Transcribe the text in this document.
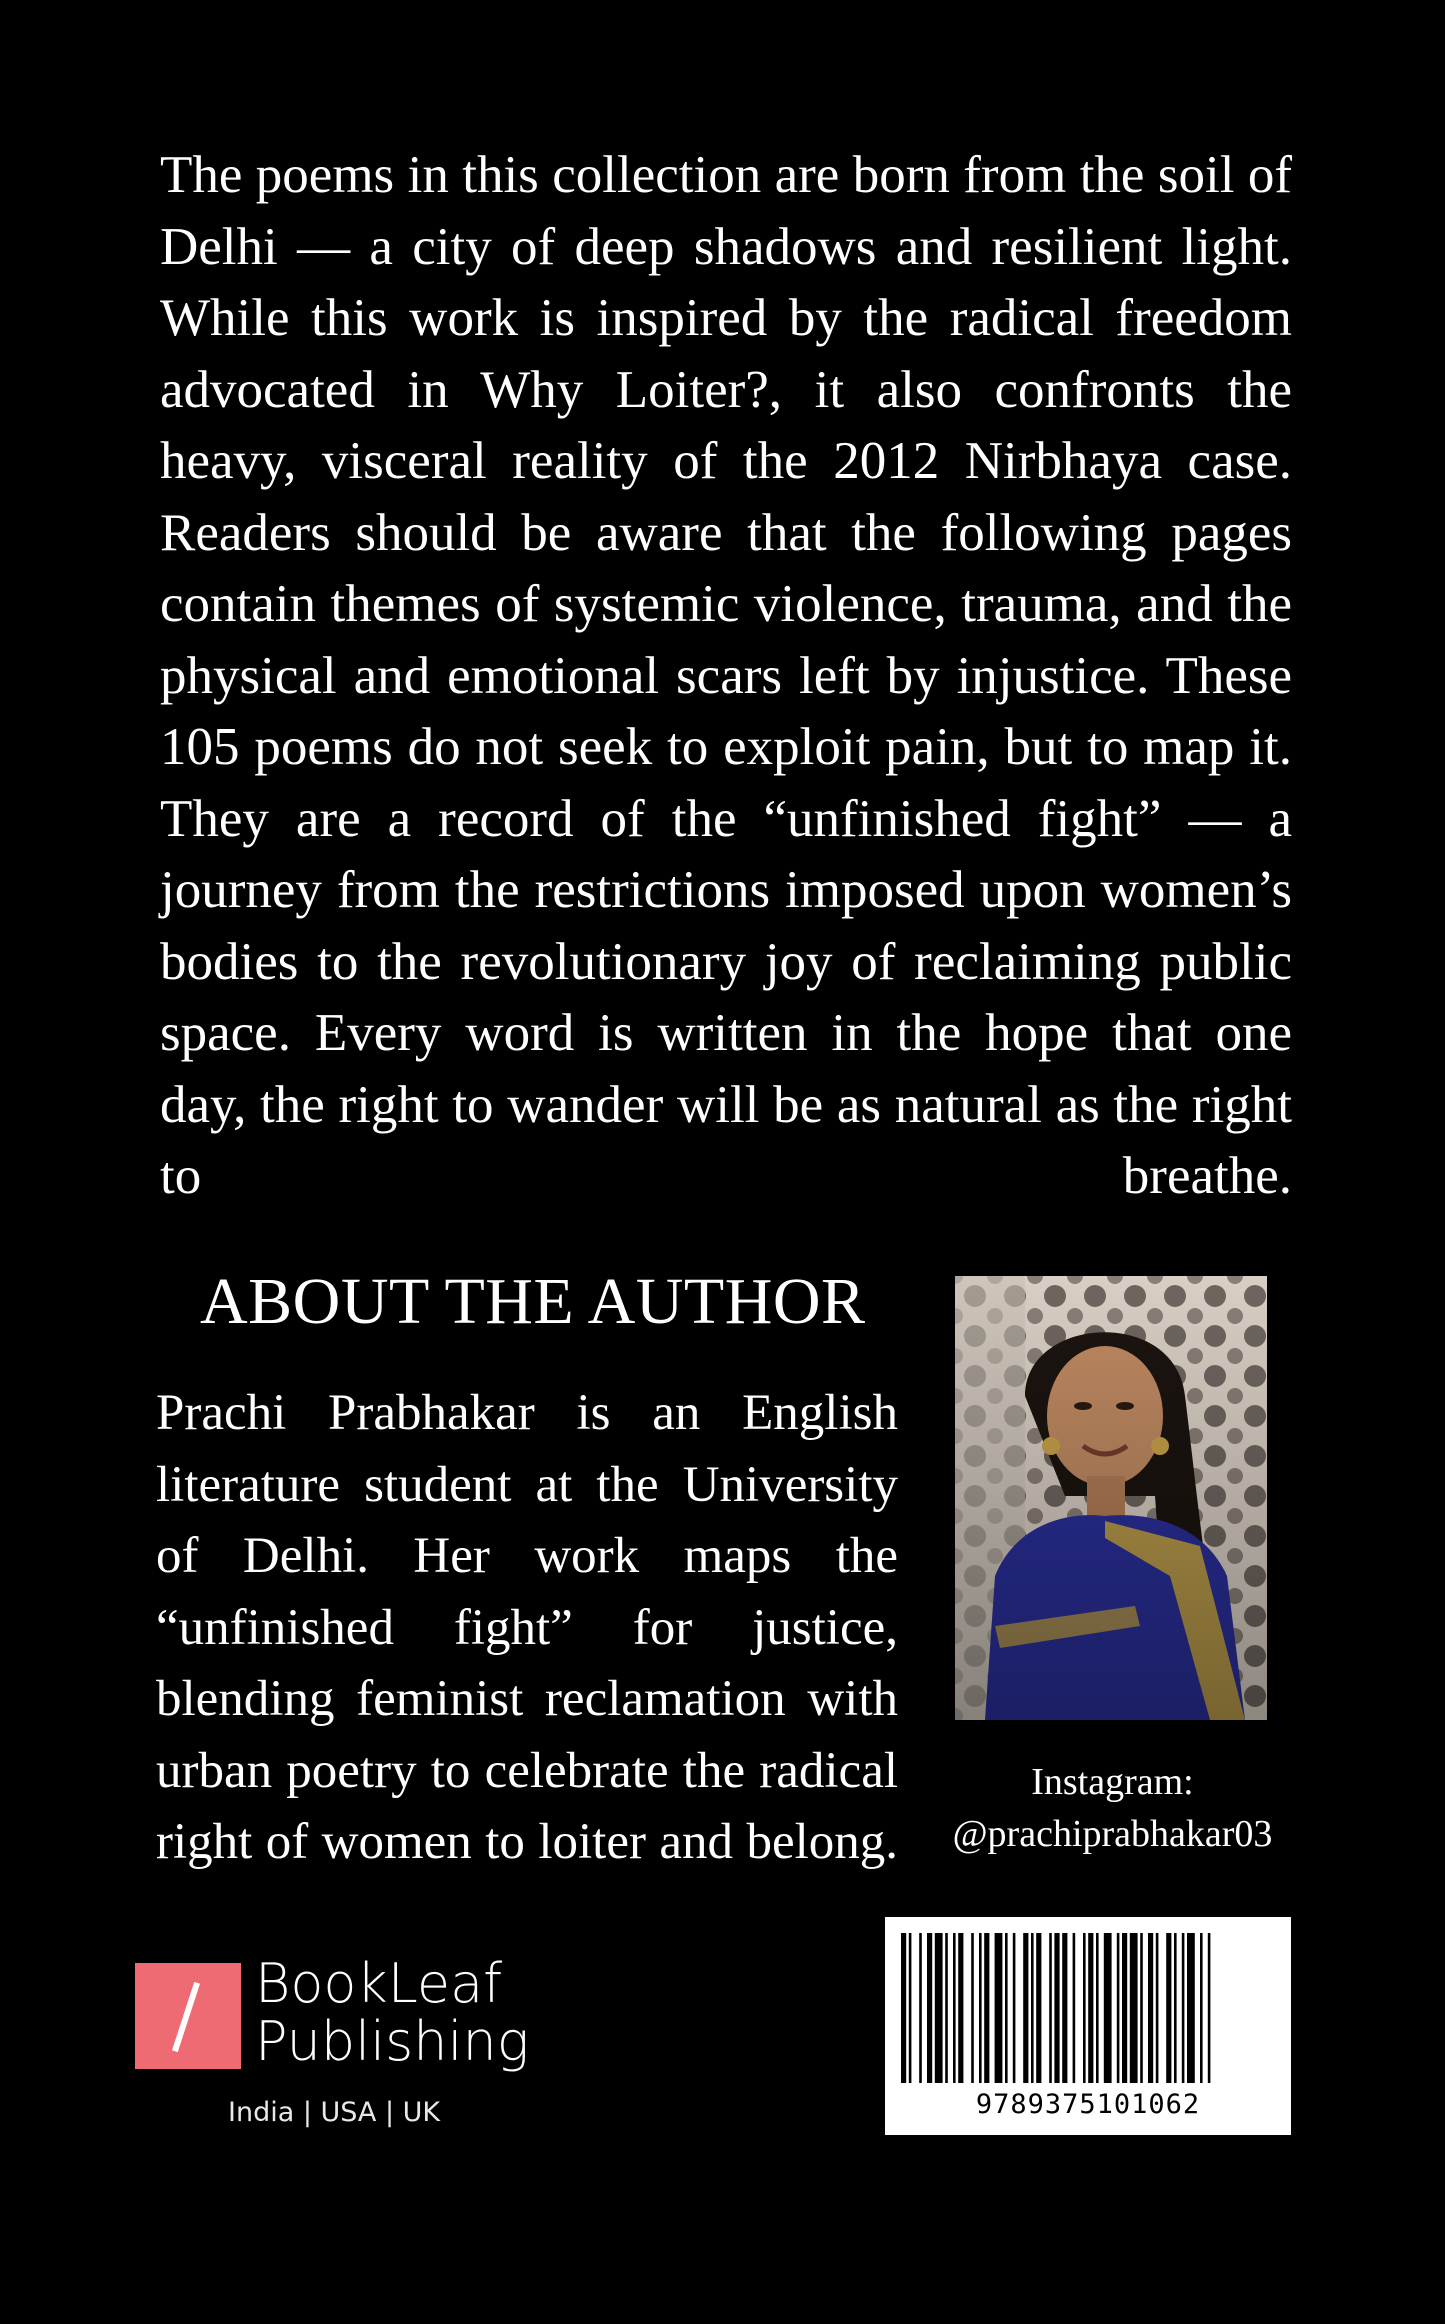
The poems in this collection are born from the soil of Delhi — a city of deep shadows and resilient light. While this work is inspired by the radical freedom advocated in Why Loiter?, it also confronts the heavy, visceral reality of the 2012 Nirbhaya case. Readers should be aware that the following pages contain themes of systemic violence, trauma, and the physical and emotional scars left by injustice. These 105 poems do not seek to exploit pain, but to map it. They are a record of the “unfinished fight” — a journey from the restrictions imposed upon women’s bodies to the revolutionary joy of reclaiming public space. Every word is written in the hope that one day, the right to wander will be as natural as the right to breathe.

ABOUT THE AUTHOR

Prachi Prabhakar is an English literature student at the University of Delhi. Her work maps the “unfinished fight” for justice, blending feminist reclamation with urban poetry to celebrate the radical right of women to loiter and belong.

Instagram:
@prachiprabhakar03
BookLeaf
Publishing
India | USA | UK	9789375101062
